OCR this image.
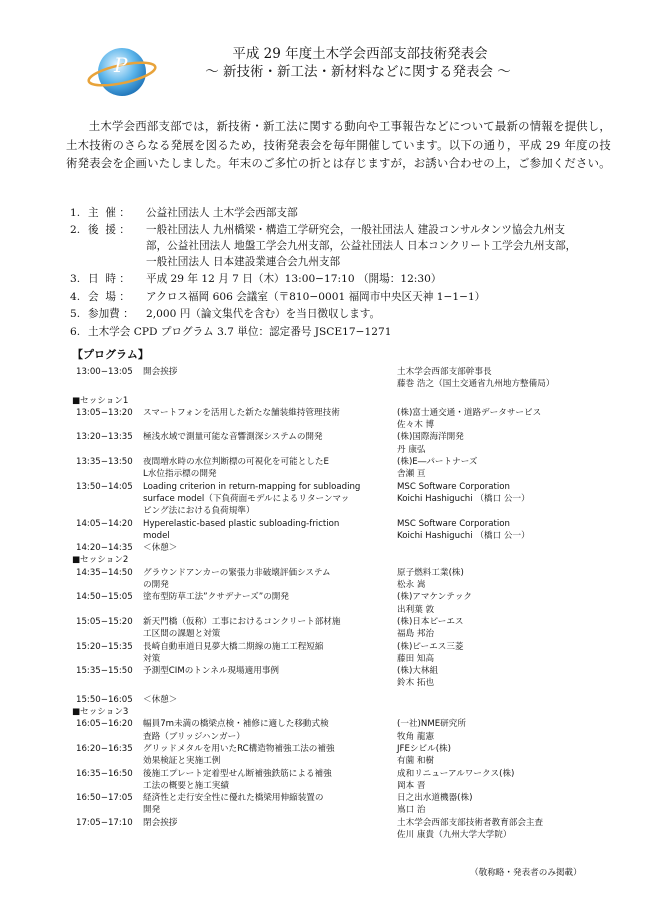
P	平成 29 年度土木学会西部支部技術発表会
～ 新技術・新工法・新材料などに関する発表会 ～
土木学会西部支部では，新技術・新工法に関する動向や工事報告などについて最新の情報を提供し，土木技術のさらなる発展を図るため，技術発表会を毎年開催しています。以下の通り，平成 29 年度の技術発表会を企画いたしました。年末のご多忙の折とは存じますが，お誘い合わせの上，ご参加ください。
1. 主  催 ：	公益社団法人 土木学会西部支部
2. 後  援 ：	一般社団法人 九州橋梁・構造工学研究会，一般社団法人 建設コンサルタンツ協会九州支
部，公益社団法人 地盤工学会九州支部，公益社団法人 日本コンクリート工学会九州支部，
一般社団法人 日本建設業連合会九州支部
3. 日  時 ：	平成 29 年 12 月 7 日（木）13:00−17:10 （開場：12:30）
4. 会  場 ：	アクロス福岡 606 会議室（〒810−0001 福岡市中央区天神 1−1−1）
5. 参加費 ：	2,000 円（論文集代を含む）を当日徴収します。
6. 土木学会 CPD プログラム 3.7 単位：認定番号 JSCE17−1271
【プログラム】
13:00−13:05 開会挨拶	土木学会西部支部幹事長
藤巻 浩之（国土交通省九州地方整備局）
■セッション1
13:05−13:20 スマートフォンを活用した新たな舗装維持管理技術	(株)富士通交通・道路データサービス
佐々木 博
13:20−13:35 極浅水域で測量可能な音響測深システムの開発	(株)国際海洋開発
丹 康弘
13:35−13:50 夜間増水時の水位判断標の可視化を可能としたE	(株)E―パートナーズ
L水位指示標の開発	舎瀬 亘
13:50−14:05 Loading criterion in return-mapping for subloading	MSC Software Corporation
surface model（下負荷面モデルによるリターンマッ	Koichi Hashiguchi （橋口 公一）
ピング法における負荷規準）
14:05−14:20 Hyperelastic-based plastic subloading-friction	MSC Software Corporation
model	Koichi Hashiguchi （橋口 公一）
14:20−14:35 ＜休憩＞
■セッション2
14:35−14:50 グラウンドアンカーの緊張力非破壊評価システム	原子燃料工業(株)
の開発	松永 嵩
14:50−15:05 塗布型防草工法”クサデナーズ”の開発	(株)アマケンテック
出利葉 敦
15:05−15:20 新天門橋（仮称）工事におけるコンクリート部材施	(株)日本ピーエス
工区間の課題と対策	福島 邦治
15:20−15:35 長崎自動車道日見夢大橋二期線の施工工程短縮	(株)ピーエス三菱
対策	藤田 知高
15:35−15:50 予測型CIMのトンネル現場適用事例	(株)大林組
鈴木 拓也
15:50−16:05 ＜休憩＞
■セッション3
16:05−16:20 幅員7m未満の橋梁点検・補修に適した移動式検	(一社)NME研究所
査路（ブリッジハンガー）	牧角 龍憲
16:20−16:35 グリッドメタルを用いたRC構造物補強工法の補強	JFEシビル(株)
効果検証と実施工例	有薗 和樹
16:35−16:50 後施工プレート定着型せん断補強鉄筋による補強	成和リニューアルワークス(株)
工法の概要と施工実績	岡本 晋
16:50−17:05 経済性と走行安全性に優れた橋梁用伸縮装置の	日之出水道機器(株)
開発	嶌口 治
17:05−17:10 閉会挨拶	土木学会西部支部技術者教育部会主査
佐川 康貴（九州大学大学院）
（敬称略・発表者のみ掲載）
